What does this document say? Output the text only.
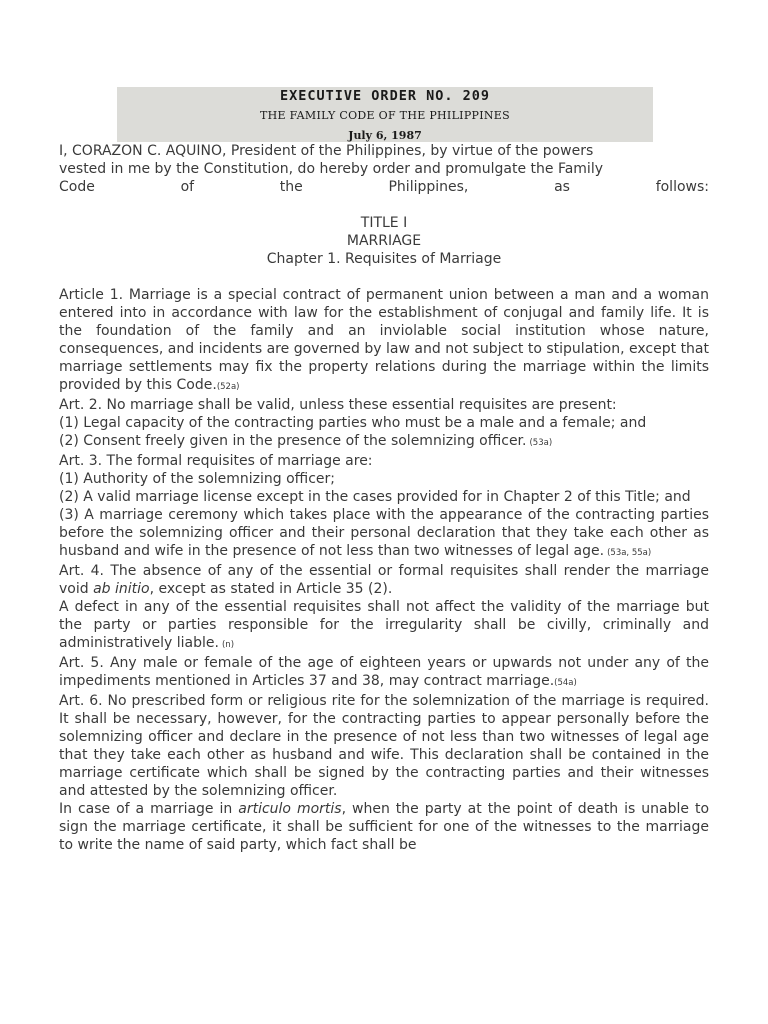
EXECUTIVE ORDER NO. 209
THE FAMILY CODE OF THE PHILIPPINES
July 6, 1987
I, CORAZON C. AQUINO, President of the Philippines, by virtue of the powers
vested in me by the Constitution, do hereby order and promulgate the Family
Code of the Philippines, as follows:
TITLE I
MARRIAGE
Chapter 1. Requisites of Marriage
Article 1. Marriage is a special contract of permanent union between a man and a woman entered into in accordance with law for the establishment of conjugal and family life. It is the foundation of the family and an inviolable social institution whose nature, consequences, and incidents are governed by law and not subject to stipulation, except that marriage settlements may fix the property relations during the marriage within the limits provided by this Code.(52a)
Art. 2. No marriage shall be valid, unless these essential requisites are present:
(1) Legal capacity of the contracting parties who must be a male and a female; and
(2) Consent freely given in the presence of the solemnizing officer. (53a)
Art. 3. The formal requisites of marriage are:
(1) Authority of the solemnizing officer;
(2) A valid marriage license except in the cases provided for in Chapter 2 of this Title; and
(3) A marriage ceremony which takes place with the appearance of the contracting parties before the solemnizing officer and their personal declaration that they take each other as husband and wife in the presence of not less than two witnesses of legal age. (53a, 55a)
Art. 4. The absence of any of the essential or formal requisites shall render the marriage void ab initio, except as stated in Article 35 (2).
A defect in any of the essential requisites shall not affect the validity of the marriage but the party or parties responsible for the irregularity shall be civilly, criminally and administratively liable. (n)
Art. 5. Any male or female of the age of eighteen years or upwards not under any of the impediments mentioned in Articles 37 and 38, may contract marriage.(54a)
Art. 6. No prescribed form or religious rite for the solemnization of the marriage is required. It shall be necessary, however, for the contracting parties to appear personally before the solemnizing officer and declare in the presence of not less than two witnesses of legal age that they take each other as husband and wife. This declaration shall be contained in the marriage certificate which shall be signed by the contracting parties and their witnesses and attested by the solemnizing officer.
In case of a marriage in articulo mortis, when the party at the point of death is unable to sign the marriage certificate, it shall be sufficient for one of the witnesses to the marriage to write the name of said party, which fact shall be
